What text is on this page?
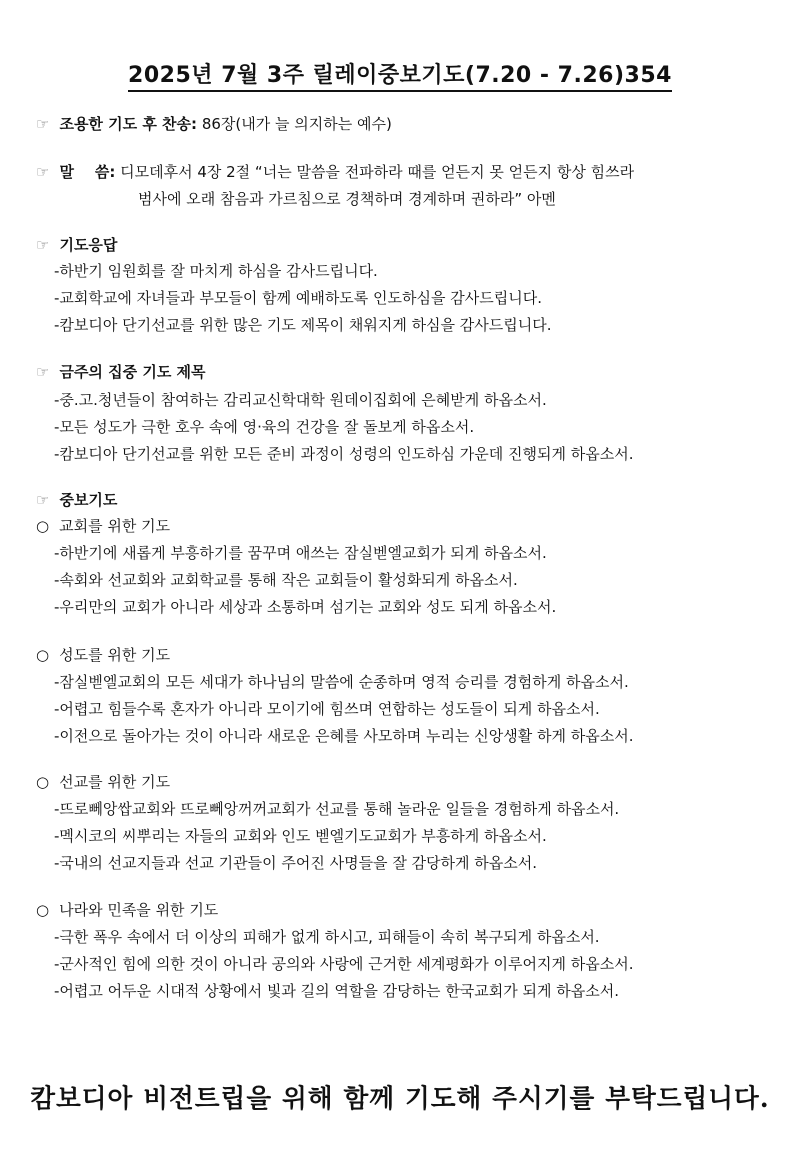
2025년 7월 3주 릴레이중보기도(7.20 - 7.26)354
☞ 조용한 기도 후 찬송: 86장(내가 늘 의지하는 예수)
☞ 말    씀: 디모데후서 4장 2절 “너는 말씀을 전파하라 때를 얻든지 못 얻든지 항상 힘쓰라
범사에 오래 참음과 가르침으로 경책하며 경계하며 권하라” 아멘
☞ 기도응답
-하반기 임원회를 잘 마치게 하심을 감사드립니다.
-교회학교에 자녀들과 부모들이 함께 예배하도록 인도하심을 감사드립니다.
-캄보디아 단기선교를 위한 많은 기도 제목이 채워지게 하심을 감사드립니다.
☞ 금주의 집중 기도 제목
-중.고.청년들이 참여하는 감리교신학대학 원데이집회에 은혜받게 하옵소서.
-모든 성도가 극한 호우 속에 영·육의 건강을 잘 돌보게 하옵소서.
-캄보디아 단기선교를 위한 모든 준비 과정이 성령의 인도하심 가운데 진행되게 하옵소서.
☞ 중보기도
○ 교회를 위한 기도
-하반기에 새롭게 부흥하기를 꿈꾸며 애쓰는 잠실벧엘교회가 되게 하옵소서.
-속회와 선교회와 교회학교를 통해 작은 교회들이 활성화되게 하옵소서.
-우리만의 교회가 아니라 세상과 소통하며 섬기는 교회와 성도 되게 하옵소서.
○ 성도를 위한 기도
-잠실벧엘교회의 모든 세대가 하나님의 말씀에 순종하며 영적 승리를 경험하게 하옵소서.
-어렵고 힘들수록 혼자가 아니라 모이기에 힘쓰며 연합하는 성도들이 되게 하옵소서.
-이전으로 돌아가는 것이 아니라 새로운 은혜를 사모하며 누리는 신앙생활 하게 하옵소서.
○ 선교를 위한 기도
-뜨로뻬앙쌉교회와 뜨로뻬앙꺼꺼교회가 선교를 통해 놀라운 일들을 경험하게 하옵소서.
-멕시코의 씨뿌리는 자들의 교회와 인도 벧엘기도교회가 부흥하게 하옵소서.
-국내의 선교지들과 선교 기관들이 주어진 사명들을 잘 감당하게 하옵소서.
○ 나라와 민족을 위한 기도
-극한 폭우 속에서 더 이상의 피해가 없게 하시고, 피해들이 속히 복구되게 하옵소서.
-군사적인 힘에 의한 것이 아니라 공의와 사랑에 근거한 세계평화가 이루어지게 하옵소서.
-어렵고 어두운 시대적 상황에서 빛과 길의 역할을 감당하는 한국교회가 되게 하옵소서.
캄보디아 비전트립을 위해 함께 기도해 주시기를 부탁드립니다.
